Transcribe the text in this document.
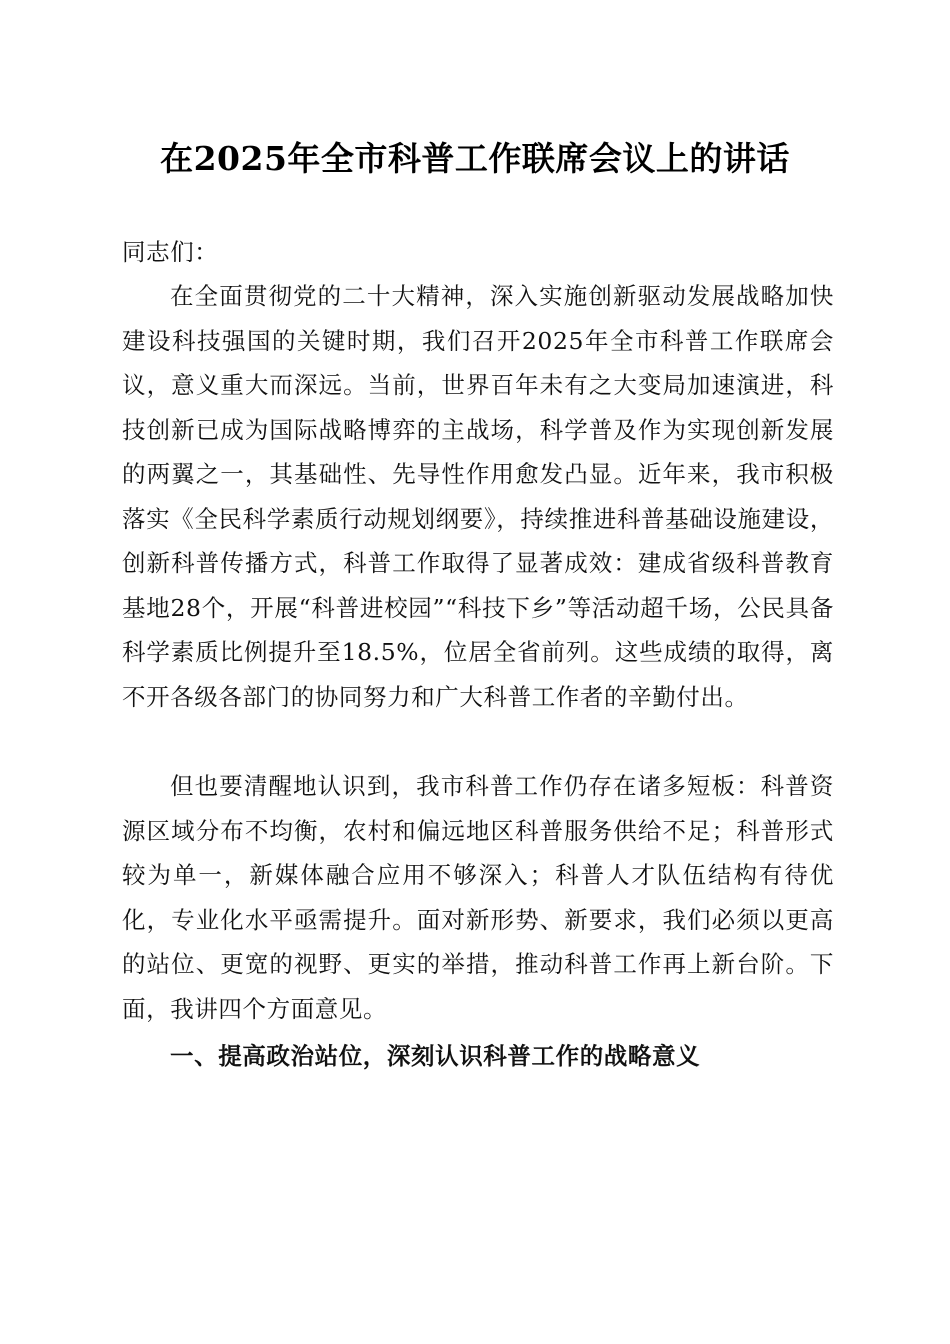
在2025年全市科普工作联席会议上的讲话
同志们：
在全面贯彻党的二十大精神，深入实施创新驱动发展战略加快建设科技强国的关键时期，我们召开2025年全市科普工作联席会议，意义重大而深远。当前，世界百年未有之大变局加速演进，科技创新已成为国际战略博弈的主战场，科学普及作为实现创新发展的两翼之一，其基础性、先导性作用愈发凸显。近年来，我市积极落实《全民科学素质行动规划纲要》，持续推进科普基础设施建设，创新科普传播方式，科普工作取得了显著成效：建成省级科普教育基地28个，开展“科普进校园”“科技下乡”等活动超千场，公民具备科学素质比例提升至18.5%，位居全省前列。这些成绩的取得，离不开各级各部门的协同努力和广大科普工作者的辛勤付出。
但也要清醒地认识到，我市科普工作仍存在诸多短板：科普资源区域分布不均衡，农村和偏远地区科普服务供给不足；科普形式较为单一，新媒体融合应用不够深入；科普人才队伍结构有待优化，专业化水平亟需提升。面对新形势、新要求，我们必须以更高的站位、更宽的视野、更实的举措，推动科普工作再上新台阶。下面，我讲四个方面意见。
一、提高政治站位，深刻认识科普工作的战略意义
